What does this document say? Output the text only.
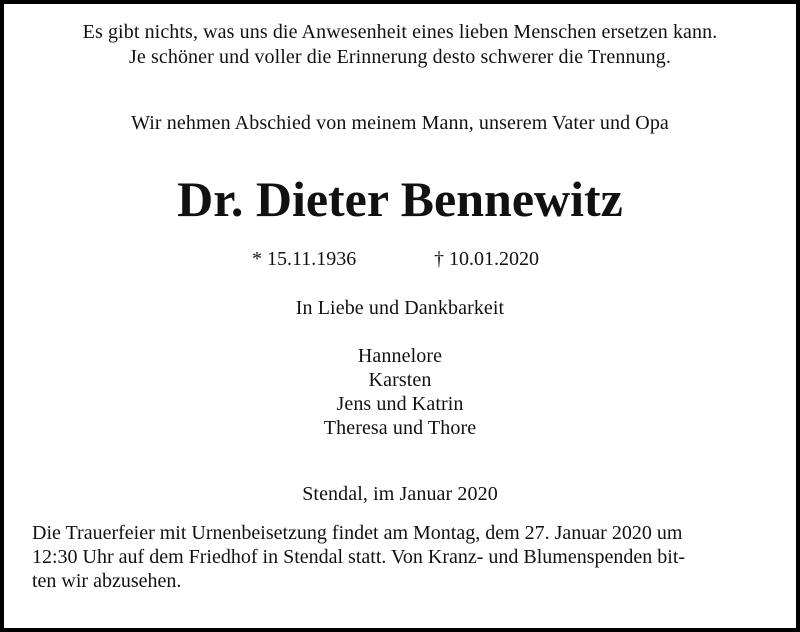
Es gibt nichts, was uns die Anwesenheit eines lieben Menschen ersetzen kann.
Je schöner und voller die Erinnerung desto schwerer die Trennung.
Wir nehmen Abschied von meinem Mann, unserem Vater und Opa
Dr. Dieter Bennewitz
* 15.11.1936	† 10.01.2020
In Liebe und Dankbarkeit
Hannelore
Karsten
Jens und Katrin
Theresa und Thore
Stendal, im Januar 2020
Die Trauerfeier mit Urnenbeisetzung findet am Montag, dem 27. Januar 2020 um
12:30 Uhr auf dem Friedhof in Stendal statt. Von Kranz- und Blumenspenden bit-
ten wir abzusehen.
